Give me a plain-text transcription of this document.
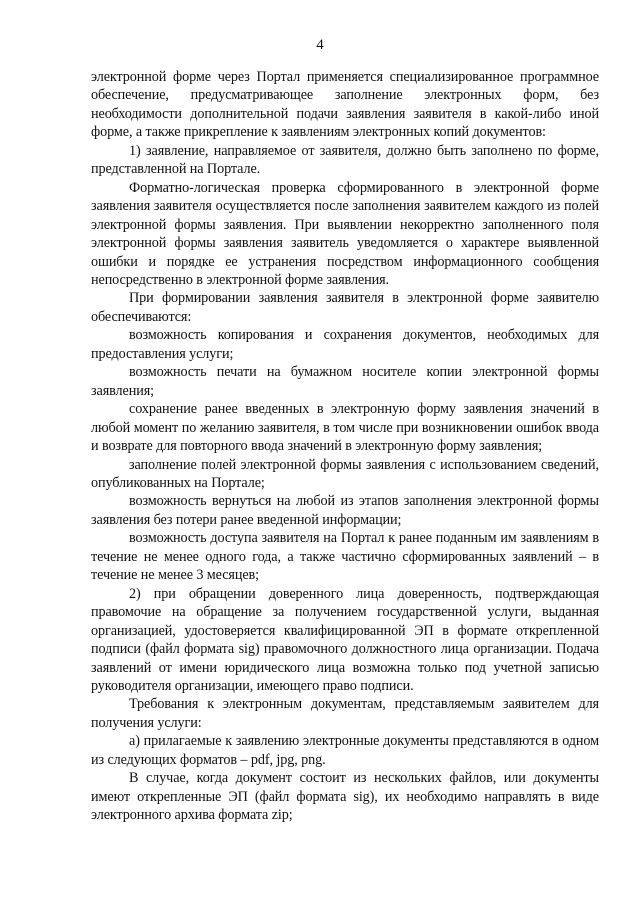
4

электронной форме через Портал применяется специализированное программное обеспечение, предусматривающее заполнение электронных форм, без необходимости дополнительной подачи заявления заявителя в какой-либо иной форме, а также прикрепление к заявлениям электронных копий документов:

1) заявление, направляемое от заявителя, должно быть заполнено по форме, представленной на Портале.

Форматно-логическая проверка сформированного в электронной форме заявления заявителя осуществляется после заполнения заявителем каждого из полей электронной формы заявления. При выявлении некорректно заполненного поля электронной формы заявления заявитель уведомляется о характере выявленной ошибки и порядке ее устранения посредством информационного сообщения непосредственно в электронной форме заявления.

При формировании заявления заявителя в электронной форме заявителю обеспечиваются:

возможность копирования и сохранения документов, необходимых для предоставления услуги;

возможность печати на бумажном носителе копии электронной формы заявления;

сохранение ранее введенных в электронную форму заявления значений в любой момент по желанию заявителя, в том числе при возникновении ошибок ввода и возврате для повторного ввода значений в электронную форму заявления;

заполнение полей электронной формы заявления с использованием сведений, опубликованных на Портале;

возможность вернуться на любой из этапов заполнения электронной формы заявления без потери ранее введенной информации;

возможность доступа заявителя на Портал к ранее поданным им заявлениям в течение не менее одного года, а также частично сформированных заявлений – в течение не менее 3 месяцев;

2) при обращении доверенного лица доверенность, подтверждающая правомочие на обращение за получением государственной услуги, выданная организацией, удостоверяется квалифицированной ЭП в формате открепленной подписи (файл формата sig) правомочного должностного лица организации. Подача заявлений от имени юридического лица возможна только под учетной записью руководителя организации, имеющего право подписи.

Требования к электронным документам, представляемым заявителем для получения услуги:

а) прилагаемые к заявлению электронные документы представляются в одном из следующих форматов – pdf, jpg, png.

В случае, когда документ состоит из нескольких файлов, или документы имеют открепленные ЭП (файл формата sig), их необходимо направлять в виде электронного архива формата zip;
